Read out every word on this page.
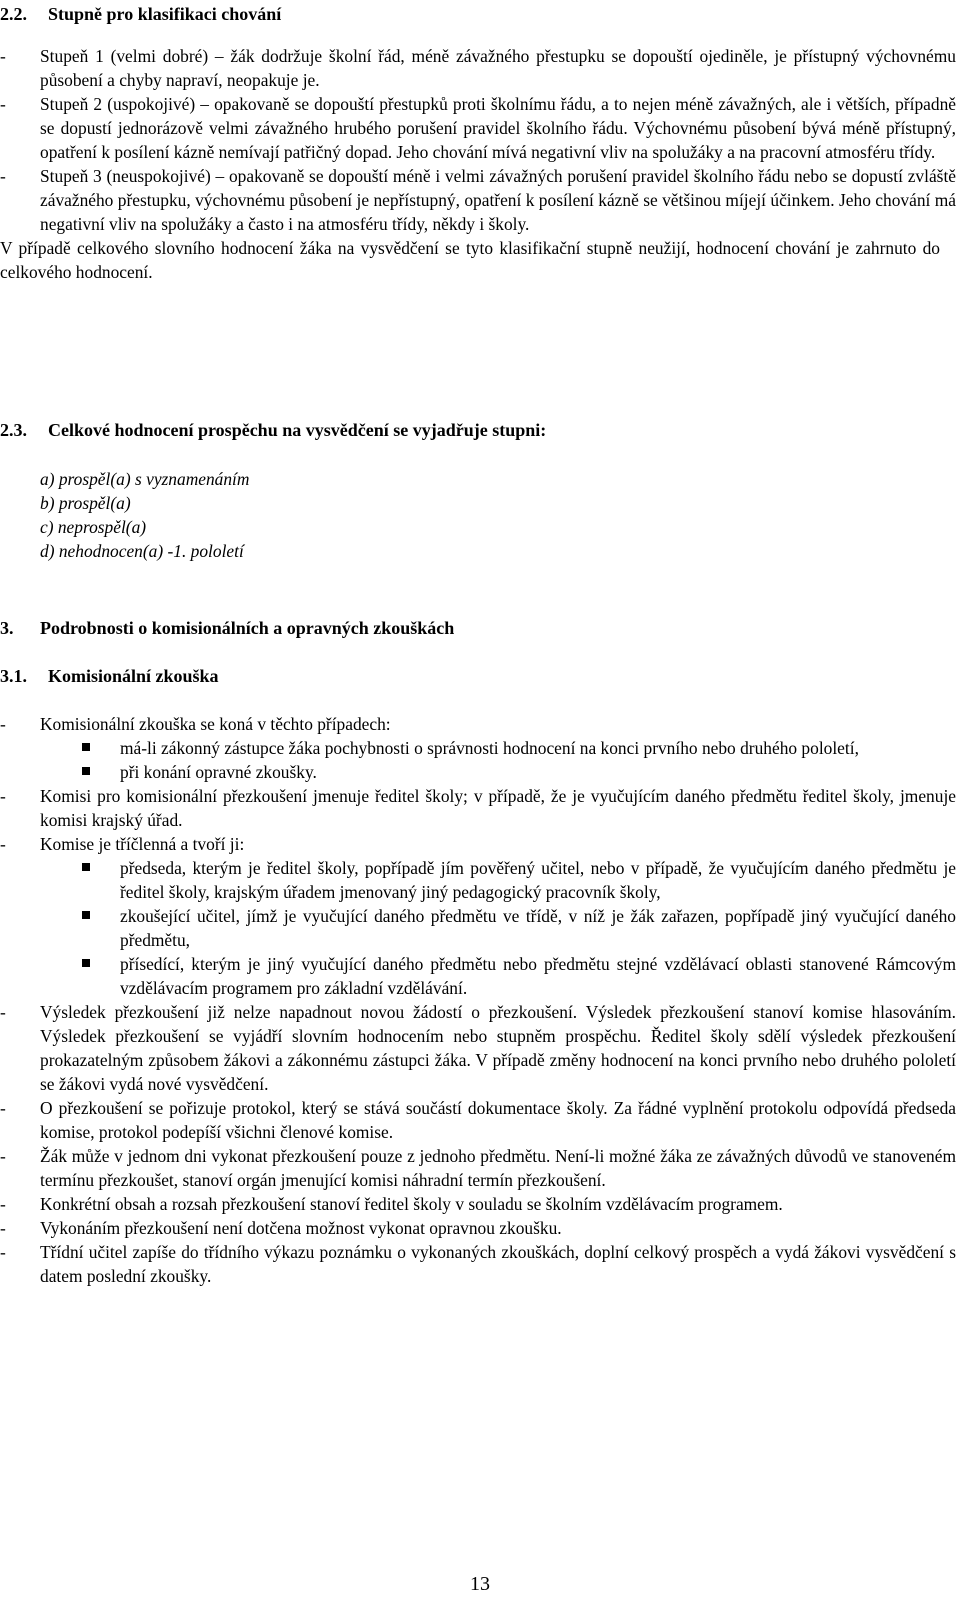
2.2. Stupně pro klasifikaci chování
-	Stupeň 1 (velmi dobré) – žák dodržuje školní řád, méně závažného přestupku se dopouští ojediněle, je přístupný výchovnému působení a chyby napraví, neopakuje je.
-	Stupeň 2 (uspokojivé) – opakovaně se dopouští přestupků proti školnímu řádu, a to nejen méně závažných, ale i větších, případně se dopustí jednorázově velmi závažného hrubého porušení pravidel školního řádu. Výchovnému působení bývá méně přístupný, opatření k posílení kázně nemívají patřičný dopad. Jeho chování mívá negativní vliv na spolužáky a na pracovní atmosféru třídy.
-	Stupeň 3 (neuspokojivé) – opakovaně se dopouští méně i velmi závažných porušení pravidel školního řádu nebo se dopustí zvláště závažného přestupku, výchovnému působení je nepřístupný, opatření k posílení kázně se většinou míjejí účinkem. Jeho chování má negativní vliv na spolužáky a často i na atmosféru třídy, někdy i školy.
V případě celkového slovního hodnocení žáka na vysvědčení se tyto klasifikační stupně neužijí, hodnocení chování je zahrnuto do celkového hodnocení.
2.3. Celkové hodnocení prospěchu na vysvědčení se vyjadřuje stupni:
a) prospěl(a) s vyznamenáním
b) prospěl(a)
c) neprospěl(a)
d) nehodnocen(a) -1. pololetí
3. Podrobnosti o komisionálních a opravných zkouškách
3.1. Komisionální zkouška
-	Komisionální zkouška se koná v těchto případech:
má-li zákonný zástupce žáka pochybnosti o správnosti hodnocení na konci prvního nebo druhého pololetí,
při konání opravné zkoušky.
-	Komisi pro komisionální přezkoušení jmenuje ředitel školy; v případě, že je vyučujícím daného předmětu ředitel školy, jmenuje komisi krajský úřad.
-	Komise je tříčlenná a tvoří ji:
předseda, kterým je ředitel školy, popřípadě jím pověřený učitel, nebo v případě, že vyučujícím daného předmětu je ředitel školy, krajským úřadem jmenovaný jiný pedagogický pracovník školy,
zkoušející učitel, jímž je vyučující daného předmětu ve třídě, v níž je žák zařazen, popřípadě jiný vyučující daného předmětu,
přísedící, kterým je jiný vyučující daného předmětu nebo předmětu stejné vzdělávací oblasti stanovené Rámcovým vzdělávacím programem pro základní vzdělávání.
-	Výsledek přezkoušení již nelze napadnout novou žádostí o přezkoušení. Výsledek přezkoušení stanoví komise hlasováním. Výsledek přezkoušení se vyjádří slovním hodnocením nebo stupněm prospěchu. Ředitel školy sdělí výsledek přezkoušení prokazatelným způsobem žákovi a zákonnému zástupci žáka. V případě změny hodnocení na konci prvního nebo druhého pololetí se žákovi vydá nové vysvědčení.
-	O přezkoušení se pořizuje protokol, který se stává součástí dokumentace školy. Za řádné vyplnění protokolu odpovídá předseda komise, protokol podepíší všichni členové komise.
-	Žák může v jednom dni vykonat přezkoušení pouze z jednoho předmětu. Není-li možné žáka ze závažných důvodů ve stanoveném termínu přezkoušet, stanoví orgán jmenující komisi náhradní termín přezkoušení.
-	Konkrétní obsah a rozsah přezkoušení stanoví ředitel školy v souladu se školním vzdělávacím programem.
-	Vykonáním přezkoušení není dotčena možnost vykonat opravnou zkoušku.
-	Třídní učitel zapíše do třídního výkazu poznámku o vykonaných zkouškách, doplní celkový prospěch a vydá žákovi vysvědčení s datem poslední zkoušky.
13
